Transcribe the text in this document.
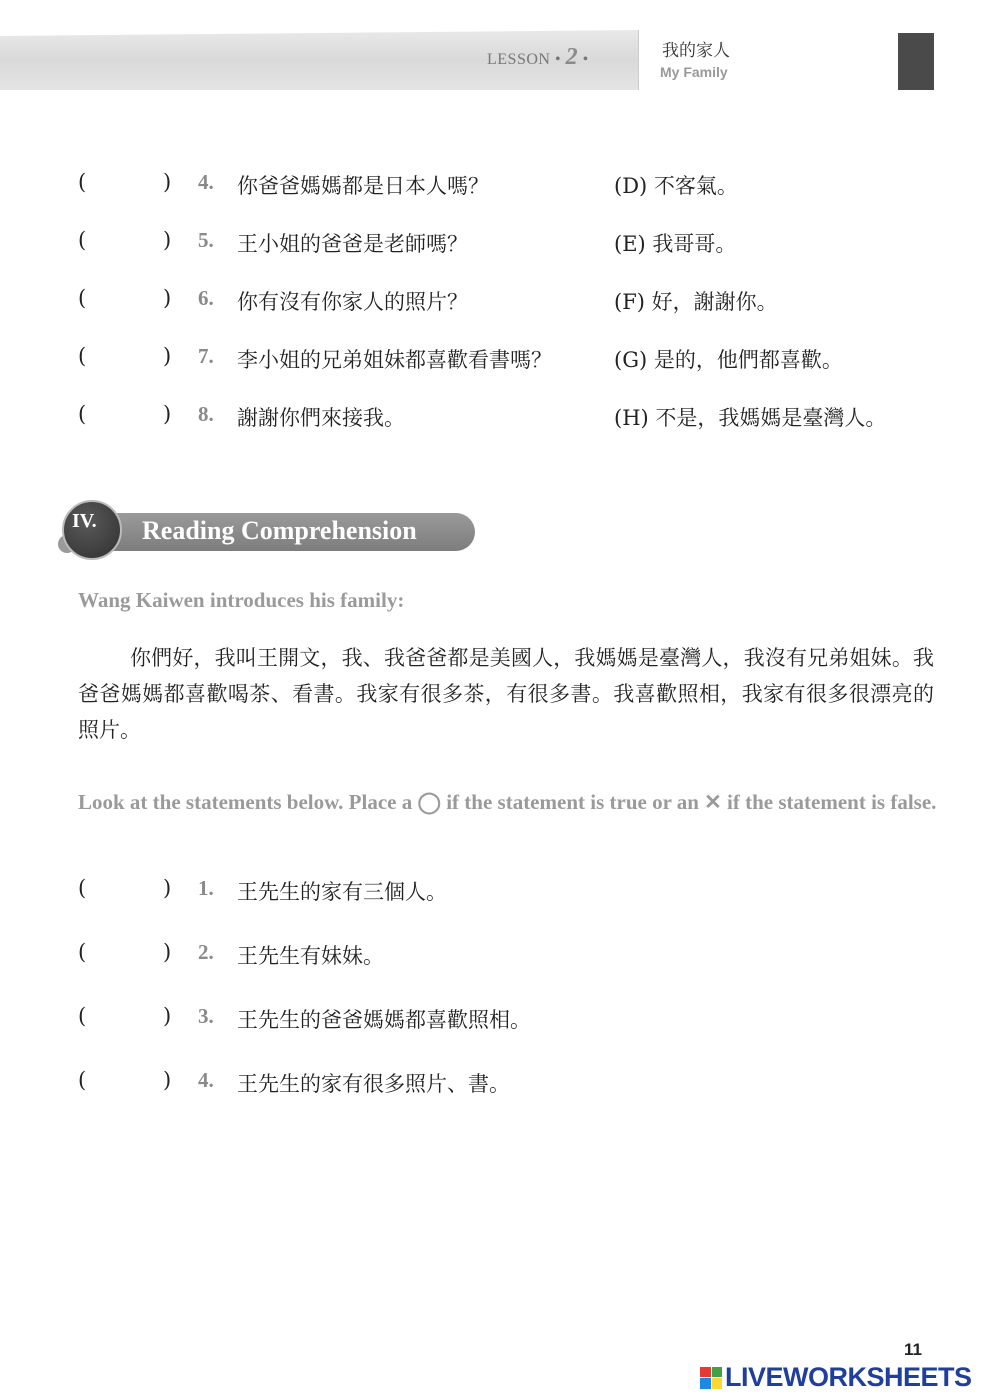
LESSON • 2 •	我的家人
My Family
(	) 4. 你爸爸媽媽都是日本人嗎？	(D) 不客氣。
(	) 5. 王小姐的爸爸是老師嗎？	(E) 我哥哥。
(	) 6. 你有沒有你家人的照片？	(F) 好，謝謝你。
(	) 7. 李小姐的兄弟姐妹都喜歡看書嗎？	(G) 是的，他們都喜歡。
(	) 8. 謝謝你們來接我。	(H) 不是，我媽媽是臺灣人。
IV. Reading Comprehension
Wang Kaiwen introduces his family:
你們好，我叫王開文，我、我爸爸都是美國人，我媽媽是臺灣人，我沒有兄弟姐妹。我爸爸媽媽都喜歡喝茶、看書。我家有很多茶，有很多書。我喜歡照相，我家有很多很漂亮的照片。
Look at the statements below. Place a ◯ if the statement is true or an ✕ if the statement is false.
(	) 1. 王先生的家有三個人。
(	) 2. 王先生有妹妹。
(	) 3. 王先生的爸爸媽媽都喜歡照相。
(	) 4. 王先生的家有很多照片、書。
11
LIVEWORKSHEETS
